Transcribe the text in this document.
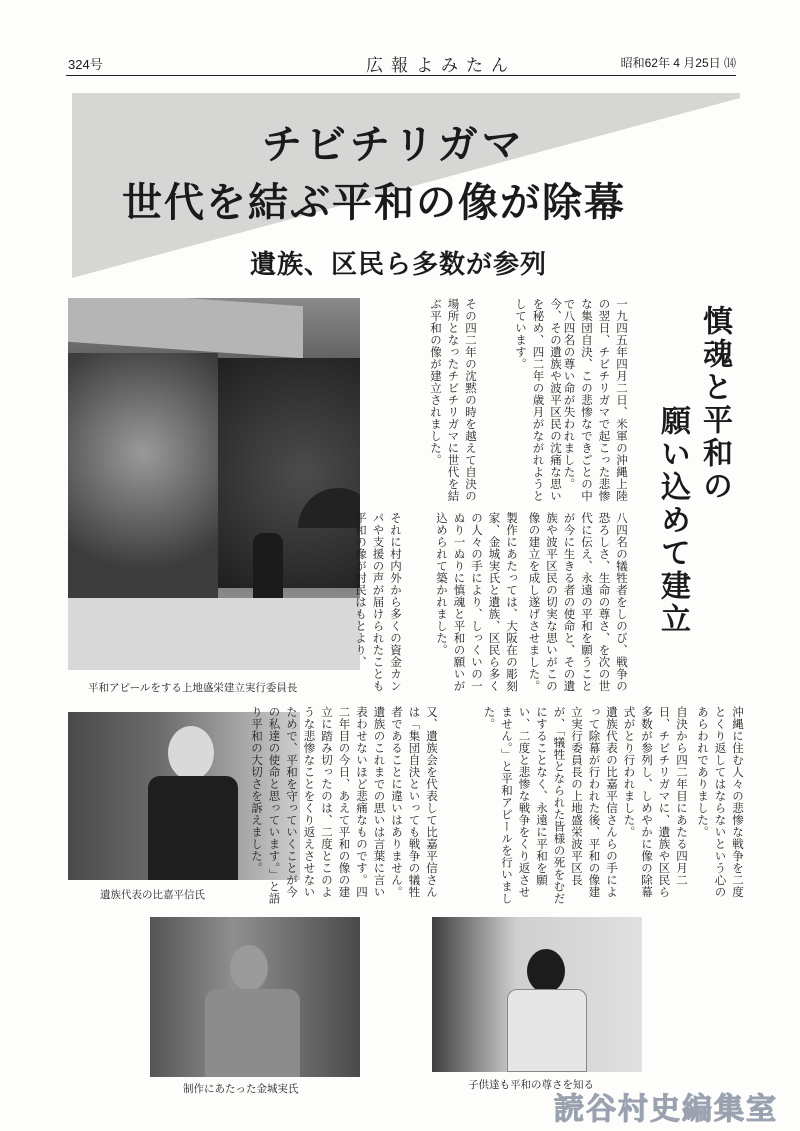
324号	広報よみたん	昭和62年 4 月25日 ⒁
チビチリガマ
世代を結ぶ平和の像が除幕
遺族、区民ら多数が参列
平和アピールをする上地盛栄建立実行委員長
遺族代表の比嘉平信氏
制作にあたった金城実氏	子供達も平和の尊さを知る
慎魂と平和の
願い込めて建立
一九四五年四月二日、米軍の沖縄上陸の翌日、チビチリガマで起こった悲惨な集団自決、この悲惨なできごとの中で八四名の尊い命が失われました。
今、その遺族や波平区民の沈痛な思いを秘め、四二年の歳月がながれようとしています。
その四二年の沈黙の時を越えて自決の場所となったチビチリガマに世代を結ぶ平和の像が建立されました。
八四名の犠牲者をしのび、戦争の恐ろしさ、生命の尊さ、を次の世代に伝え、永遠の平和を願うことが今に生きる者の使命と、その遺族や波平区民の切実な思いがこの像の建立を成し遂げさせました。
製作にあたっては、大阪在の彫刻家、金城実氏と遺族、区民ら多くの人々の手により、しっくいの一ぬり一ぬりに慎魂と平和の願いが込められて築かれました。
それに村内外から多くの資金カンパや支援の声が届けられたことも平和の像が村民はもとより、
沖縄に住む人々の悲惨な戦争を二度とくり返してはならないという心のあらわれでありました。
自決から四二年目にあたる四月二日、チビチリガマに、遺族や区民ら多数が参列し、しめやかに像の除幕式がとり行われました。
遺族代表の比嘉平信さんらの手によって除幕が行われた後、平和の像建立実行委員長の上地盛栄波平区長が、「犠牲となられた皆様の死をむだにすることなく、永遠に平和を願い、二度と悲惨な戦争をくり返させません。」と平和アピールを行いました。
又、遺族会を代表して比嘉平信さんは「集団自決といっても戦争の犠牲者であることに違いはありません。遺族のこれまでの思いは言葉に言い表わせないほど悲痛なものです。四二年目の今日、あえて平和の像の建立に踏み切ったのは、二度とこのような悲惨なことをくり返えさせないためで、平和を守っていくことが今の私達の使命と思っています。」と語り平和の大切さを訴えました。
読谷村史編集室
